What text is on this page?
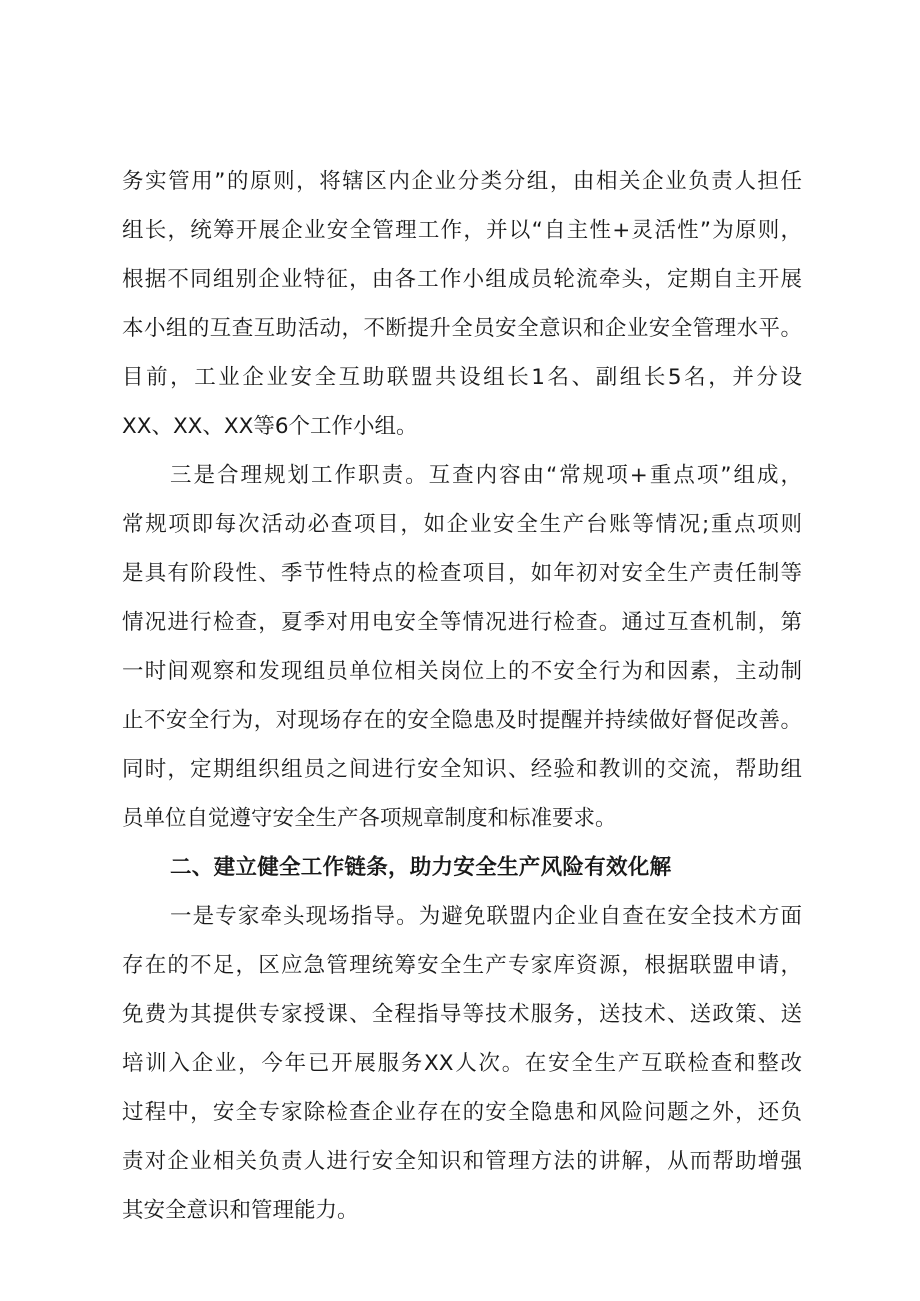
务实管用”的原则，将辖区内企业分类分组，由相关企业负责人担任
组长，统筹开展企业安全管理工作，并以“自主性+灵活性”为原则，
根据不同组别企业特征，由各工作小组成员轮流牵头，定期自主开展
本小组的互查互助活动，不断提升全员安全意识和企业安全管理水平。
目前，工业企业安全互助联盟共设组长1名、副组长5名，并分设
XX、XX、XX等6个工作小组。
三是合理规划工作职责。互查内容由“常规项+重点项”组成，
常规项即每次活动必查项目，如企业安全生产台账等情况;重点项则
是具有阶段性、季节性特点的检查项目，如年初对安全生产责任制等
情况进行检查，夏季对用电安全等情况进行检查。通过互查机制，第
一时间观察和发现组员单位相关岗位上的不安全行为和因素，主动制
止不安全行为，对现场存在的安全隐患及时提醒并持续做好督促改善。
同时，定期组织组员之间进行安全知识、经验和教训的交流，帮助组
员单位自觉遵守安全生产各项规章制度和标准要求。
二、建立健全工作链条，助力安全生产风险有效化解
一是专家牵头现场指导。为避免联盟内企业自查在安全技术方面
存在的不足，区应急管理统筹安全生产专家库资源，根据联盟申请，
免费为其提供专家授课、全程指导等技术服务，送技术、送政策、送
培训入企业，今年已开展服务XX人次。在安全生产互联检查和整改
过程中，安全专家除检查企业存在的安全隐患和风险问题之外，还负
责对企业相关负责人进行安全知识和管理方法的讲解，从而帮助增强
其安全意识和管理能力。
